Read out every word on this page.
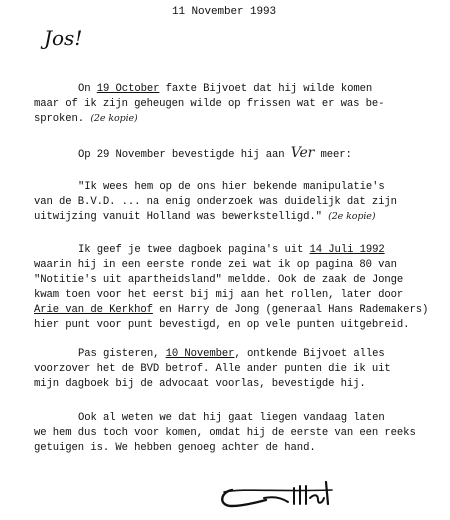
11 November 1993
Jos!
On 19 October faxte Bijvoet dat hij wilde komen
maar of ik zijn geheugen wilde op frissen wat er was be-
sproken. (2e kopie)
Op 29 November bevestigde hij aan Ver meer:
"Ik wees hem op de ons hier bekende manipulatie's
van de B.V.D. ... na enig onderzoek was duidelijk dat zijn
uitwijzing vanuit Holland was bewerkstelligd." (2e kopie)
Ik geef je twee dagboek pagina's uit 14 Juli 1992
waarin hij in een eerste ronde zei wat ik op pagina 80 van
"Notitie's uit apartheidsland" meldde. Ook de zaak de Jonge
kwam toen voor het eerst bij mij aan het rollen, later door
Arie van de Kerkhof en Harry de Jong (generaal Hans Rademakers)
hier punt voor punt bevestigd, en op vele punten uitgebreid.
Pas gisteren, 10 November, ontkende Bijvoet alles
voorzover het de BVD betrof. Alle ander punten die ik uit
mijn dagboek bij de advocaat voorlas, bevestigde hij.
Ook al weten we dat hij gaat liegen vandaag laten
we hem dus toch voor komen, omdat hij de eerste van een reeks
getuigen is. We hebben genoeg achter de hand.
